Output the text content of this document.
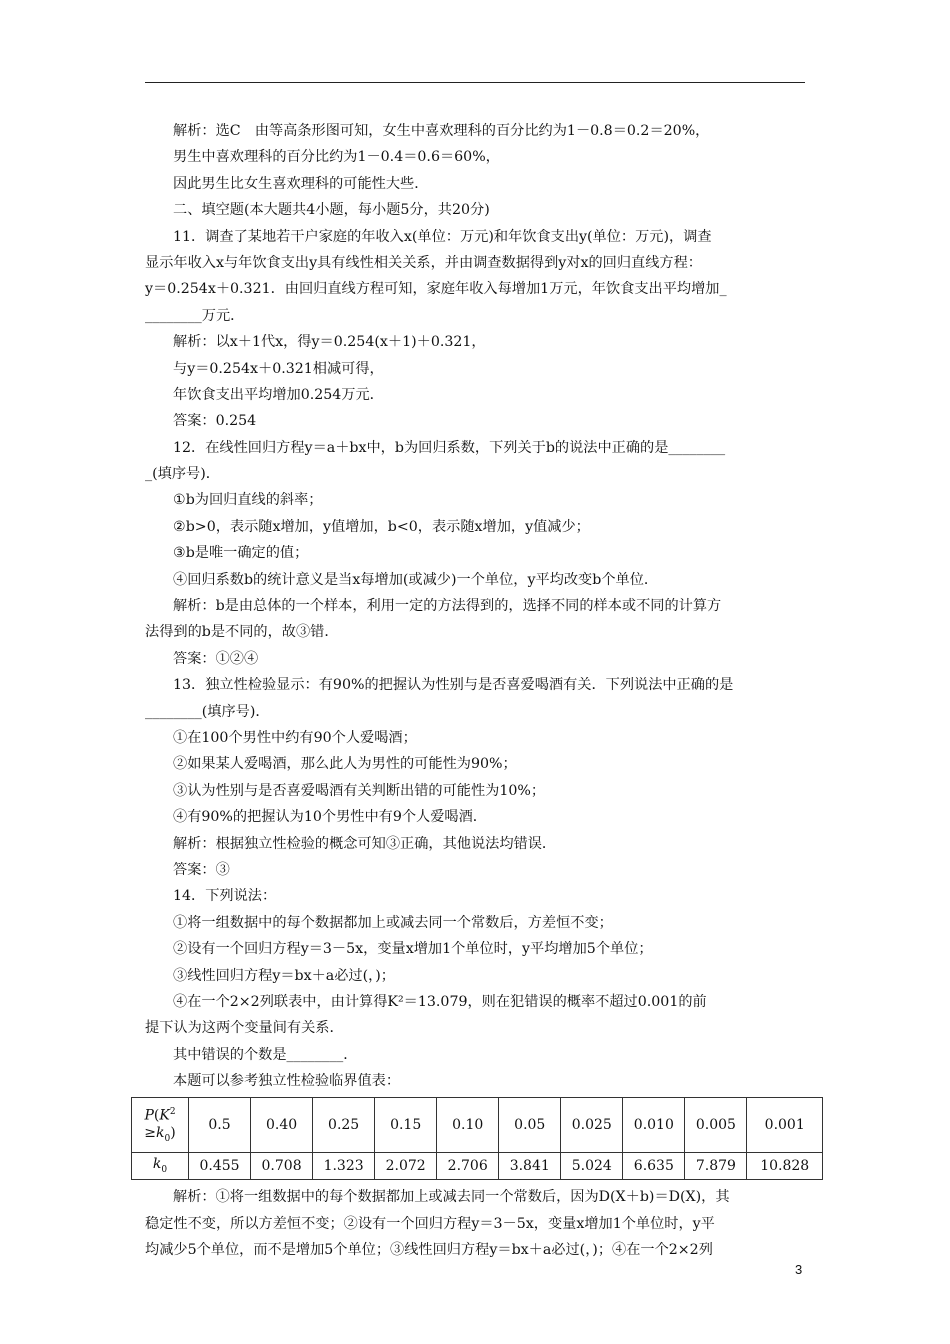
解析：选C　由等高条形图可知，女生中喜欢理科的百分比约为1－0.8＝0.2＝20%，
男生中喜欢理科的百分比约为1－0.4＝0.6＝60%，
因此男生比女生喜欢理科的可能性大些．
二、填空题(本大题共4小题，每小题5分，共20分)
11．调查了某地若干户家庭的年收入x(单位：万元)和年饮食支出y(单位：万元)，调查
显示年收入x与年饮食支出y具有线性相关关系，并由调查数据得到y对x的回归直线方程：
y＝0.254x＋0.321．由回归直线方程可知，家庭年收入每增加1万元，年饮食支出平均增加_
________万元．
解析：以x＋1代x，得y＝0.254(x＋1)＋0.321，
与y＝0.254x＋0.321相减可得，
年饮食支出平均增加0.254万元．
答案：0.254
12．在线性回归方程y＝a＋bx中，b为回归系数，下列关于b的说法中正确的是________
_(填序号)．
①b为回归直线的斜率；
②b>0，表示随x增加，y值增加，b<0，表示随x增加，y值减少；
③b是唯一确定的值；
④回归系数b的统计意义是当x每增加(或减少)一个单位，y平均改变b个单位．
解析：b是由总体的一个样本，利用一定的方法得到的，选择不同的样本或不同的计算方
法得到的b是不同的，故③错．
答案：①②④
13．独立性检验显示：有90%的把握认为性别与是否喜爱喝酒有关．下列说法中正确的是
________(填序号)．
①在100个男性中约有90个人爱喝酒；
②如果某人爱喝酒，那么此人为男性的可能性为90%；
③认为性别与是否喜爱喝酒有关判断出错的可能性为10%；
④有90%的把握认为10个男性中有9个人爱喝酒．
解析：根据独立性检验的概念可知③正确，其他说法均错误．
答案：③
14．下列说法：
①将一组数据中的每个数据都加上或减去同一个常数后，方差恒不变；
②设有一个回归方程y＝3－5x，变量x增加1个单位时，y平均增加5个单位；
③线性回归方程y＝bx＋a必过(，)；
④在一个2×2列联表中，由计算得K²＝13.079，则在犯错误的概率不超过0.001的前
提下认为这两个变量间有关系．
其中错误的个数是________．
本题可以参考独立性检验临界值表：
$P(K^2$
$\ge k_0$)	0.5	0.40	0.25	0.15	0.10	0.05	0.025	0.010	0.005	0.001
$k_0$	0.455	0.708	1.323	2.072	2.706	3.841	5.024	6.635	7.879	10.828
解析：①将一组数据中的每个数据都加上或减去同一个常数后，因为D(X＋b)＝D(X)，其
稳定性不变，所以方差恒不变；②设有一个回归方程y＝3－5x，变量x增加1个单位时，y平
均减少5个单位，而不是增加5个单位；③线性回归方程y＝bx＋a必过(，)；④在一个2×2列
3
